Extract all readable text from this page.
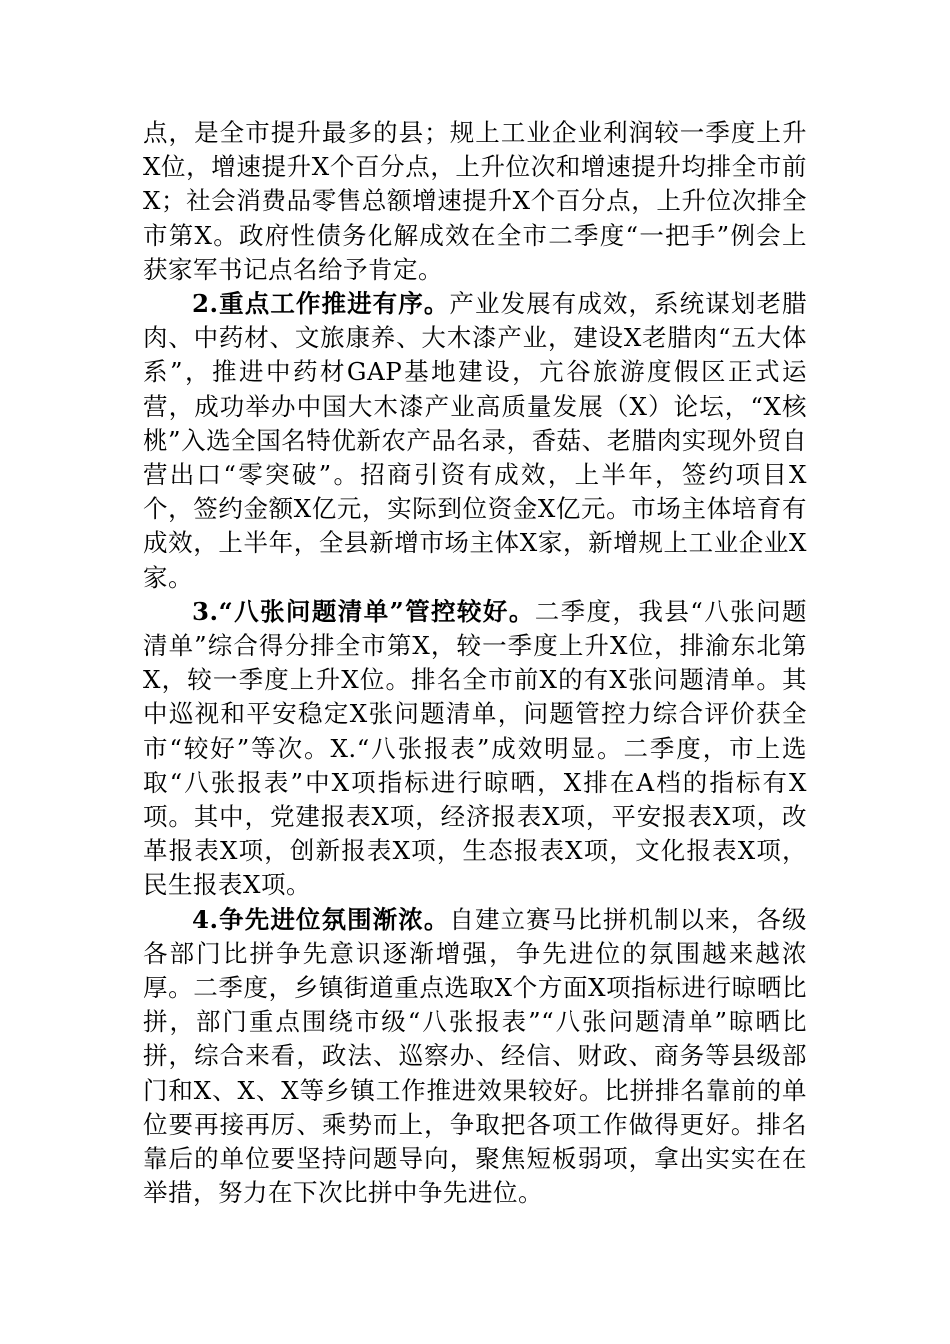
点，是全市提升最多的县；规上工业企业利润较一季度上升X位，增速提升X个百分点，上升位次和增速提升均排全市前X；社会消费品零售总额增速提升X个百分点，上升位次排全市第X。政府性债务化解成效在全市二季度“一把手”例会上获家军书记点名给予肯定。

2.重点工作推进有序。产业发展有成效，系统谋划老腊肉、中药材、文旅康养、大木漆产业，建设X老腊肉“五大体系”，推进中药材GAP基地建设，亢谷旅游度假区正式运营，成功举办中国大木漆产业高质量发展（X）论坛，“X核桃”入选全国名特优新农产品名录，香菇、老腊肉实现外贸自营出口“零突破”。招商引资有成效，上半年，签约项目X个，签约金额X亿元，实际到位资金X亿元。市场主体培育有成效，上半年，全县新增市场主体X家，新增规上工业企业X家。

3.“八张问题清单”管控较好。二季度，我县“八张问题清单”综合得分排全市第X，较一季度上升X位，排渝东北第X，较一季度上升X位。排名全市前X的有X张问题清单。其中巡视和平安稳定X张问题清单，问题管控力综合评价获全市“较好”等次。X.“八张报表”成效明显。二季度，市上选取“八张报表”中X项指标进行晾晒，X排在A档的指标有X项。其中，党建报表X项，经济报表X项，平安报表X项，改革报表X项，创新报表X项，生态报表X项，文化报表X项，民生报表X项。

4.争先进位氛围渐浓。自建立赛马比拼机制以来，各级各部门比拼争先意识逐渐增强，争先进位的氛围越来越浓厚。二季度，乡镇街道重点选取X个方面X项指标进行晾晒比拼，部门重点围绕市级“八张报表”“八张问题清单”晾晒比拼，综合来看，政法、巡察办、经信、财政、商务等县级部门和X、X、X等乡镇工作推进效果较好。比拼排名靠前的单位要再接再厉、乘势而上，争取把各项工作做得更好。排名靠后的单位要坚持问题导向，聚焦短板弱项，拿出实实在在举措，努力在下次比拼中争先进位。
